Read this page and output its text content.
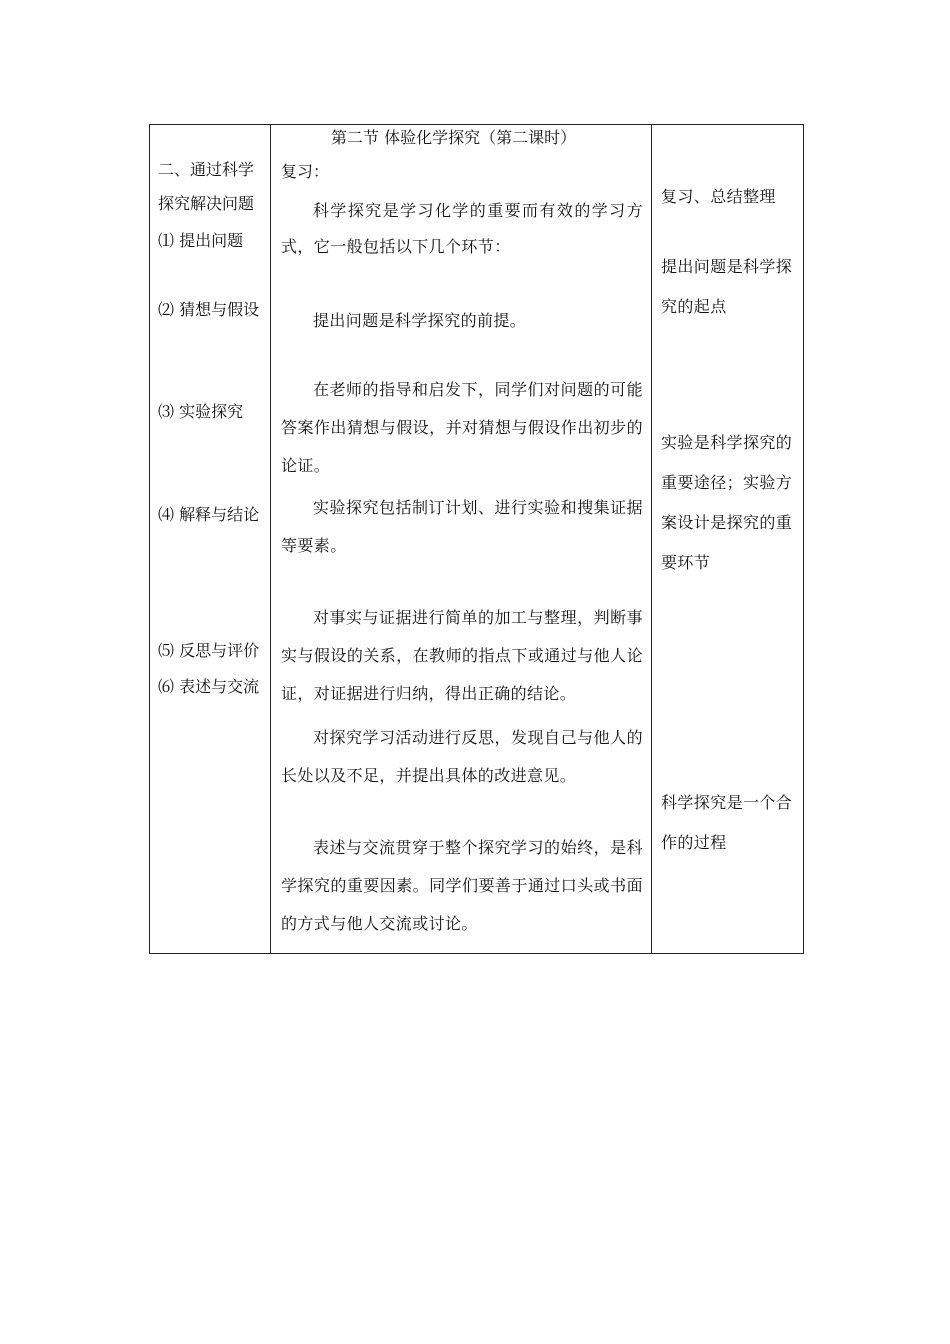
二、通过科学
探究解决问题
⑴ 提出问题
⑵ 猜想与假设
⑶ 实验探究
⑷ 解释与结论
⑸ 反思与评价
⑹ 表述与交流
第二节 体验化学探究（第二课时）
复习：
科学探究是学习化学的重要而有效的学习方式，它一般包括以下几个环节：
提出问题是科学探究的前提。
在老师的指导和启发下，同学们对问题的可能答案作出猜想与假设，并对猜想与假设作出初步的论证。
实验探究包括制订计划、进行实验和搜集证据等要素。
对事实与证据进行简单的加工与整理，判断事实与假设的关系，在教师的指点下或通过与他人论证，对证据进行归纳，得出正确的结论。
对探究学习活动进行反思，发现自己与他人的长处以及不足，并提出具体的改进意见。
表述与交流贯穿于整个探究学习的始终，是科学探究的重要因素。同学们要善于通过口头或书面的方式与他人交流或讨论。
复习、总结整理
提出问题是科学探究的起点
实验是科学探究的重要途径；实验方案设计是探究的重要环节
科学探究是一个合作的过程
